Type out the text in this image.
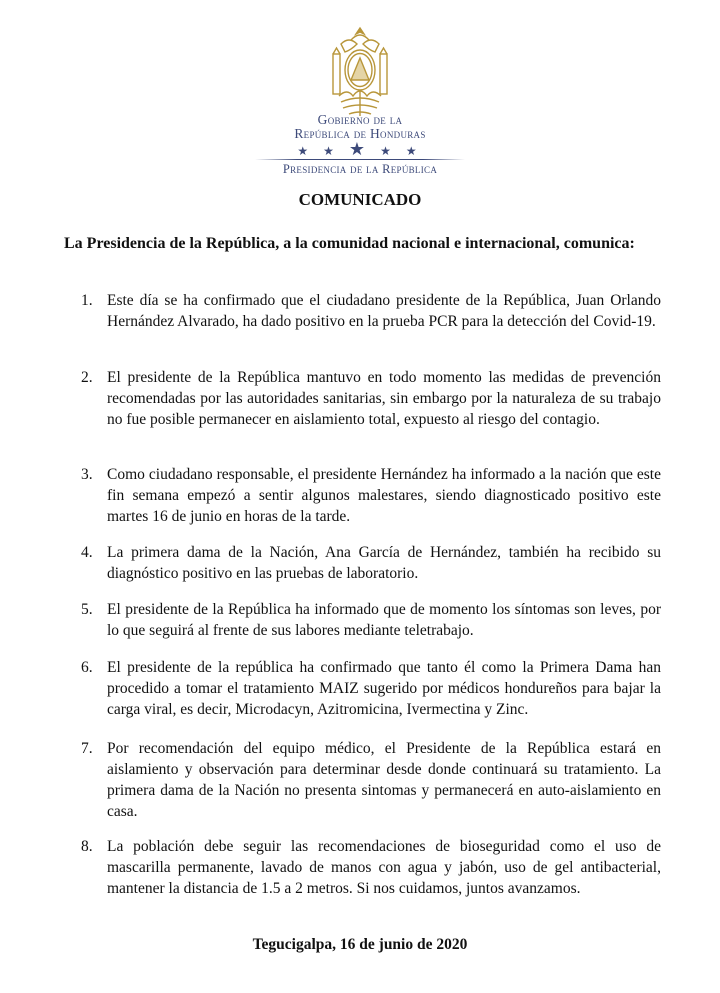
Gobierno de la
República de Honduras
★ ★ ★ ★ ★
Presidencia de la República
COMUNICADO
La Presidencia de la República, a la comunidad nacional e internacional, comunica:
1. Este día se ha confirmado que el ciudadano presidente de la República, Juan Orlando Hernández Alvarado, ha dado positivo en la prueba PCR para la detección del Covid-19.
2. El presidente de la República mantuvo en todo momento las medidas de prevención recomendadas por las autoridades sanitarias, sin embargo por la naturaleza de su trabajo no fue posible permanecer en aislamiento total, expuesto al riesgo del contagio.
3. Como ciudadano responsable, el presidente Hernández ha informado a la nación que este fin semana empezó a sentir algunos malestares, siendo diagnosticado positivo este martes 16 de junio en horas de la tarde.
4. La primera dama de la Nación, Ana García de Hernández, también ha recibido su diagnóstico positivo en las pruebas de laboratorio.
5. El presidente de la República ha informado que de momento los síntomas son leves, por lo que seguirá al frente de sus labores mediante teletrabajo.
6. El presidente de la república ha confirmado que tanto él como la Primera Dama han procedido a tomar el tratamiento MAIZ sugerido por médicos hondureños para bajar la carga viral, es decir, Microdacyn, Azitromicina, Ivermectina y Zinc.
7. Por recomendación del equipo médico, el Presidente de la República estará en aislamiento y observación para determinar desde donde continuará su tratamiento. La primera dama de la Nación no presenta sintomas y permanecerá en auto-aislamiento en casa.
8. La población debe seguir las recomendaciones de bioseguridad como el uso de mascarilla permanente, lavado de manos con agua y jabón, uso de gel antibacterial, mantener la distancia de 1.5 a 2 metros. Si nos cuidamos, juntos avanzamos.
Tegucigalpa, 16 de junio de 2020
